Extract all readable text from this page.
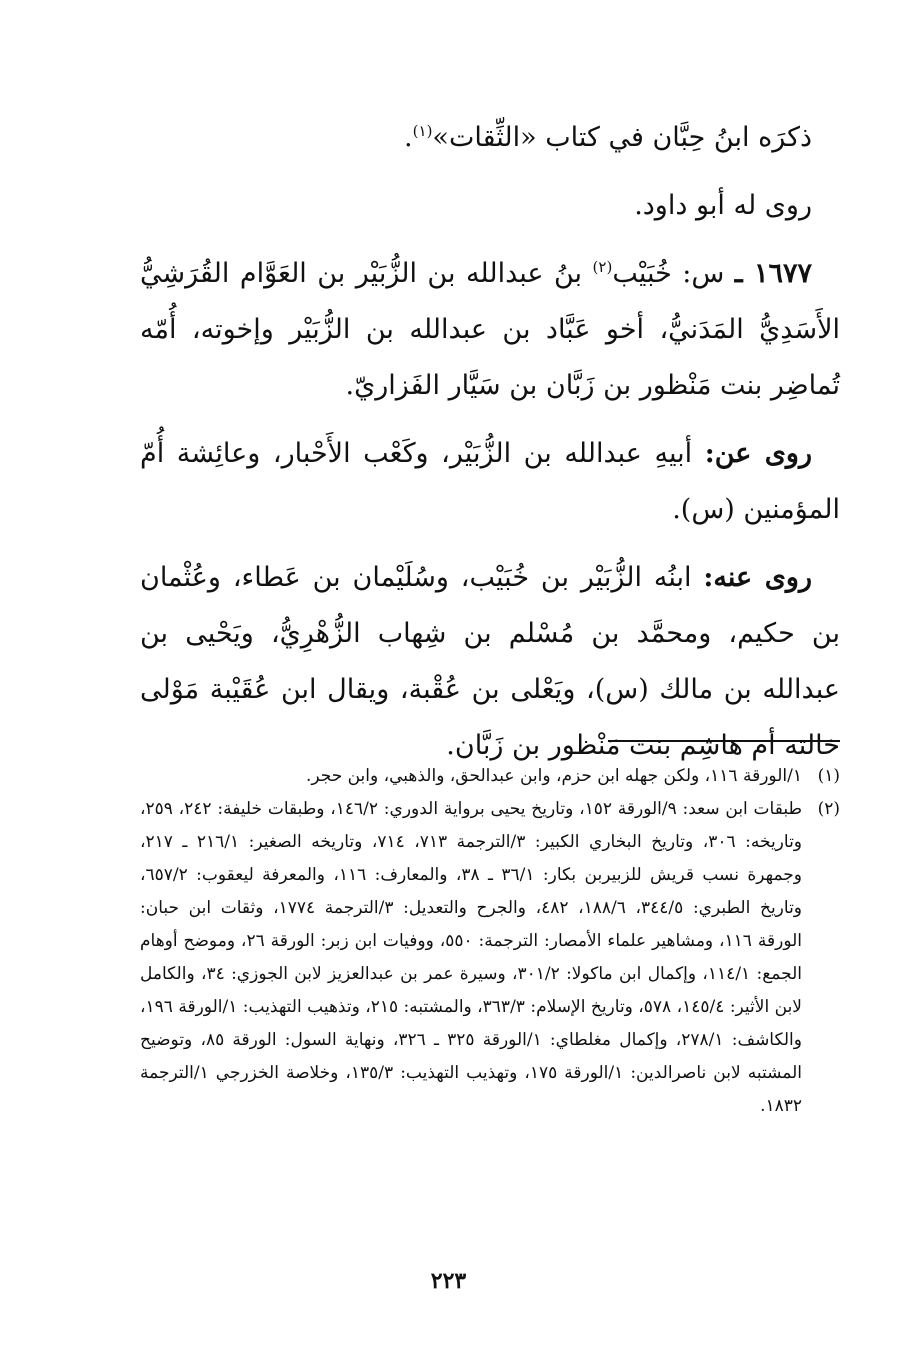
ذكرَه ابنُ حِبَّان في كتاب «الثِّقات»$^{(١)}$.

روى له أبو داود.

١٦٧٧ ـ س: خُبَيْب$^{(٢)}$ بنُ عبدالله بن الزُّبَيْر بن العَوَّام القُرَشِيُّ الأَسَدِيُّ المَدَنيُّ، أخو عَبَّاد بن عبدالله بن الزُّبَيْر وإخوته، أُمّه تُماضِر بنت مَنْظور بن زَبَّان بن سَيَّار الفَزاريّ.

روى عن: أبيهِ عبدالله بن الزُّبَيْر، وكَعْب الأَحْبار، وعائِشة أُمّ المؤمنين (س).

روى عنه: ابنُه الزُّبَيْر بن خُبَيْب، وسُلَيْمان بن عَطاء، وعُثْمان بن حكيم، ومحمَّد بن مُسْلم بن شِهاب الزُّهْرِيُّ، ويَحْيى بن عبدالله بن مالك (س)، ويَعْلى بن عُقْبة، ويقال ابن عُقَيْبة مَوْلى خالته أم هاشِم بنت مَنْظور بن زَبَّان.

(١)
١/الورقة ١١٦، ولكن جهله ابن حزم، وابن عبدالحق، والذهبي، وابن حجر.
(٢)
طبقات ابن سعد: ٩/الورقة ١٥٢، وتاريخ يحيى برواية الدوري: ١٤٦/٢، وطبقات خليفة: ٢٤٢، ٢٥٩، وتاريخه: ٣٠٦، وتاريخ البخاري الكبير: ٣/الترجمة ٧١٣، ٧١٤، وتاريخه الصغير: ٢١٦/١ ـ ٢١٧، وجمهرة نسب قريش للزبيربن بكار: ٣٦/١ ـ ٣٨، والمعارف: ١١٦، والمعرفة ليعقوب: ٦٥٧/٢، وتاريخ الطبري: ٣٤٤/٥، ١٨٨/٦، ٤٨٢، والجرح والتعديل: ٣/الترجمة ١٧٧٤، وثقات ابن حبان: الورقة ١١٦، ومشاهير علماء الأمصار: الترجمة: ٥٥٠، ووفيات ابن زبر: الورقة ٢٦، وموضح أوهام الجمع: ١١٤/١، وإكمال ابن ماكولا: ٣٠١/٢، وسيرة عمر بن عبدالعزيز لابن الجوزي: ٣٤، والكامل لابن الأثير: ١٤٥/٤، ٥٧٨، وتاريخ الإسلام: ٣٦٣/٣، والمشتبه: ٢١٥، وتذهيب التهذيب: ١/الورقة ١٩٦، والكاشف: ٢٧٨/١، وإكمال مغلطاي: ١/الورقة ٣٢٥ ـ ٣٢٦، ونهاية السول: الورقة ٨٥، وتوضيح المشتبه لابن ناصرالدين: ١/الورقة ١٧٥، وتهذيب التهذيب: ١٣٥/٣، وخلاصة الخزرجي ١/الترجمة ١٨٣٢.
٢٢٣
